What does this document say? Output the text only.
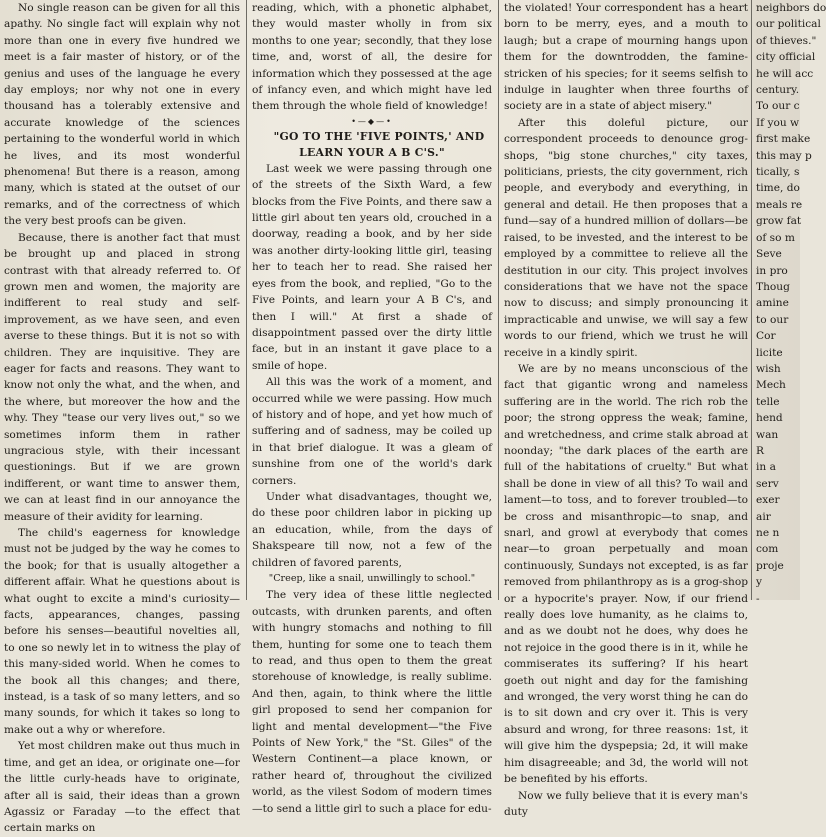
No single reason can be given for all this apathy. No single fact will explain why not more than one in every five hundred we meet is a fair master of history, or of the genius and uses of the language he every day employs; nor why not one in every thousand has a tolerably extensive and accurate knowledge of the sciences pertaining to the wonderful world in which he lives, and its most wonderful phenomena! But there is a reason, among many, which is stated at the outset of our remarks, and of the correctness of which the very best proofs can be given.

Because, there is another fact that must be brought up and placed in strong contrast with that already referred to. Of grown men and women, the majority are indifferent to real study and self-improvement, as we have seen, and even averse to these things. But it is not so with children. They are inquisitive. They are eager for facts and reasons. They want to know not only the what, and the when, and the where, but moreover the how and the why. They "tease our very lives out," so we sometimes inform them in rather ungracious style, with their incessant questionings. But if we are grown indifferent, or want time to answer them, we can at least find in our annoyance the measure of their avidity for learning.

The child's eagerness for knowledge must not be judged by the way he comes to the book; for that is usually altogether a different affair. What he questions about is what ought to excite a mind's curiosity—facts, appearances, changes, passing before his senses—beautiful novelties all, to one so newly let in to witness the play of this many-sided world. When he comes to the book all this changes; and there, instead, is a task of so many letters, and so many sounds, for which it takes so long to make out a why or wherefore.

Yet most children make out thus much in time, and get an idea, or originate one—for the little curly-heads have to originate, after all is said, their ideas than a grown Agassiz or Faraday —to the effect that certain marks on

reading, which, with a phonetic alphabet, they would master wholly in from six months to one year; secondly, that they lose time, and, worst of all, the desire for information which they possessed at the age of infancy even, and which might have led them through the whole field of knowledge!

•—◆—•

"GO TO THE 'FIVE POINTS,' AND LEARN YOUR A B C'S."

Last week we were passing through one of the streets of the Sixth Ward, a few blocks from the Five Points, and there saw a little girl about ten years old, crouched in a doorway, reading a book, and by her side was another dirty-looking little girl, teasing her to teach her to read. She raised her eyes from the book, and replied, "Go to the Five Points, and learn your A B C's, and then I will." At first a shade of disappointment passed over the dirty little face, but in an instant it gave place to a smile of hope.

All this was the work of a moment, and occurred while we were passing. How much of history and of hope, and yet how much of suffering and of sadness, may be coiled up in that brief dialogue. It was a gleam of sunshine from one of the world's dark corners.

Under what disadvantages, thought we, do these poor children labor in picking up an education, while, from the days of Shakspeare till now, not a few of the children of favored parents,

"Creep, like a snail, unwillingly to school."

The very idea of these little neglected outcasts, with drunken parents, and often with hungry stomachs and nothing to fill them, hunting for some one to teach them to read, and thus open to them the great storehouse of knowledge, is really sublime. And then, again, to think where the little girl proposed to send her companion for light and mental development—"the Five Points of New York," the "St. Giles" of the Western Continent—a place known, or rather heard of, throughout the civilized world, as the vilest Sodom of modern times—to send a little girl to such a place for edu-

the violated! Your correspondent has a heart born to be merry, eyes, and a mouth to laugh; but a crape of mourning hangs upon them for the downtrodden, the famine-stricken of his species; for it seems selfish to indulge in laughter when three fourths of society are in a state of abject misery."

After this doleful picture, our correspondent proceeds to denounce grog-shops, "big stone churches," city taxes, politicians, priests, the city government, rich people, and everybody and everything, in general and detail. He then proposes that a fund—say of a hundred million of dollars—be raised, to be invested, and the interest to be employed by a committee to relieve all the destitution in our city. This project involves considerations that we have not the space now to discuss; and simply pronouncing it impracticable and unwise, we will say a few words to our friend, which we trust he will receive in a kindly spirit.

We are by no means unconscious of the fact that gigantic wrong and nameless suffering are in the world. The rich rob the poor; the strong oppress the weak; famine, and wretchedness, and crime stalk abroad at noonday; "the dark places of the earth are full of the habitations of cruelty." But what shall be done in view of all this? To wail and lament—to toss, and to forever troubled—to be cross and misanthropic—to snap, and snarl, and growl at everybody that comes near—to groan perpetually and moan continuously, Sundays not excepted, is as far removed from philanthropy as is a grog-shop or a hypocrite's prayer. Now, if our friend really does love humanity, as he claims to, and as we doubt not he does, why does he not rejoice in the good there is in it, while he commiserates its suffering? If his heart goeth out night and day for the famishing and wronged, the very worst thing he can do is to sit down and cry over it. This is very absurd and wrong, for three reasons: 1st, it will give him the dyspepsia; 2d, it will make him disagreeable; and 3d, the world will not be benefited by his efforts.

Now we fully believe that it is every man's duty

neighbors do
our political
of thieves."
city official
he will acc
century.
To our c
If you w
first make
this may p
tically, s
time, do
meals re
grow fat
of so m
Seve
in pro
Thoug
amine
to our
Cor
licite
wish
Mech
telle
hend
wan
R
in a
serv
exer
air
ne n
com
proje
y
-
